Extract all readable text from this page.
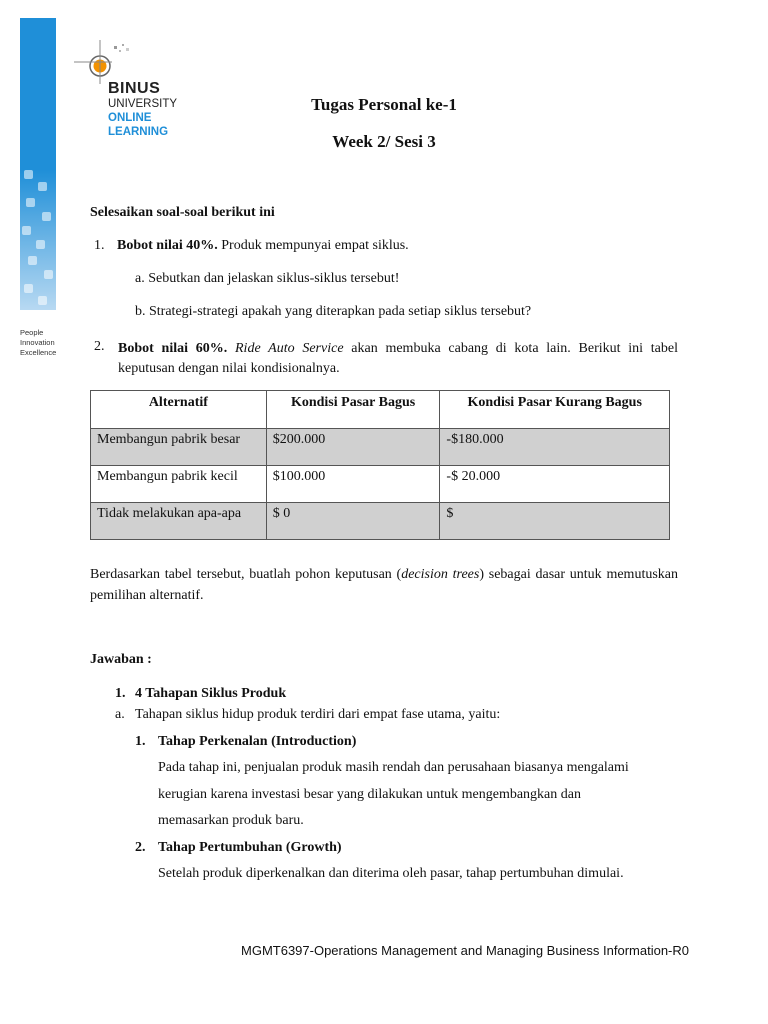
People
Innovation
Excellence
BINUS
UNIVERSITY
ONLINE
LEARNING
Tugas Personal ke-1
Week 2/ Sesi 3
Selesaikan soal-soal berikut ini
1. Bobot nilai 40%. Produk mempunyai empat siklus.
a. Sebutkan dan jelaskan siklus-siklus tersebut!
b. Strategi-strategi apakah yang diterapkan pada setiap siklus tersebut?
2. Bobot nilai 60%. Ride Auto Service akan membuka cabang di kota lain. Berikut ini tabel keputusan dengan nilai kondisionalnya.

Alternatif	Kondisi Pasar Bagus	Kondisi Pasar Kurang Bagus
Membangun pabrik besar	$200.000	-$180.000
Membangun pabrik kecil	$100.000	-$ 20.000
Tidak melakukan apa-apa	$ 0	$

Berdasarkan tabel tersebut, buatlah pohon keputusan (decision trees) sebagai dasar untuk memutuskan pemilihan alternatif.

Jawaban :
1. 4 Tahapan Siklus Produk
a. Tahapan siklus hidup produk terdiri dari empat fase utama, yaitu:
1. Tahap Perkenalan (Introduction)
Pada tahap ini, penjualan produk masih rendah dan perusahaan biasanya mengalami
kerugian karena investasi besar yang dilakukan untuk mengembangkan dan
memasarkan produk baru.
2. Tahap Pertumbuhan (Growth)
Setelah produk diperkenalkan dan diterima oleh pasar, tahap pertumbuhan dimulai.
MGMT6397-Operations Management and Managing Business Information-R0
